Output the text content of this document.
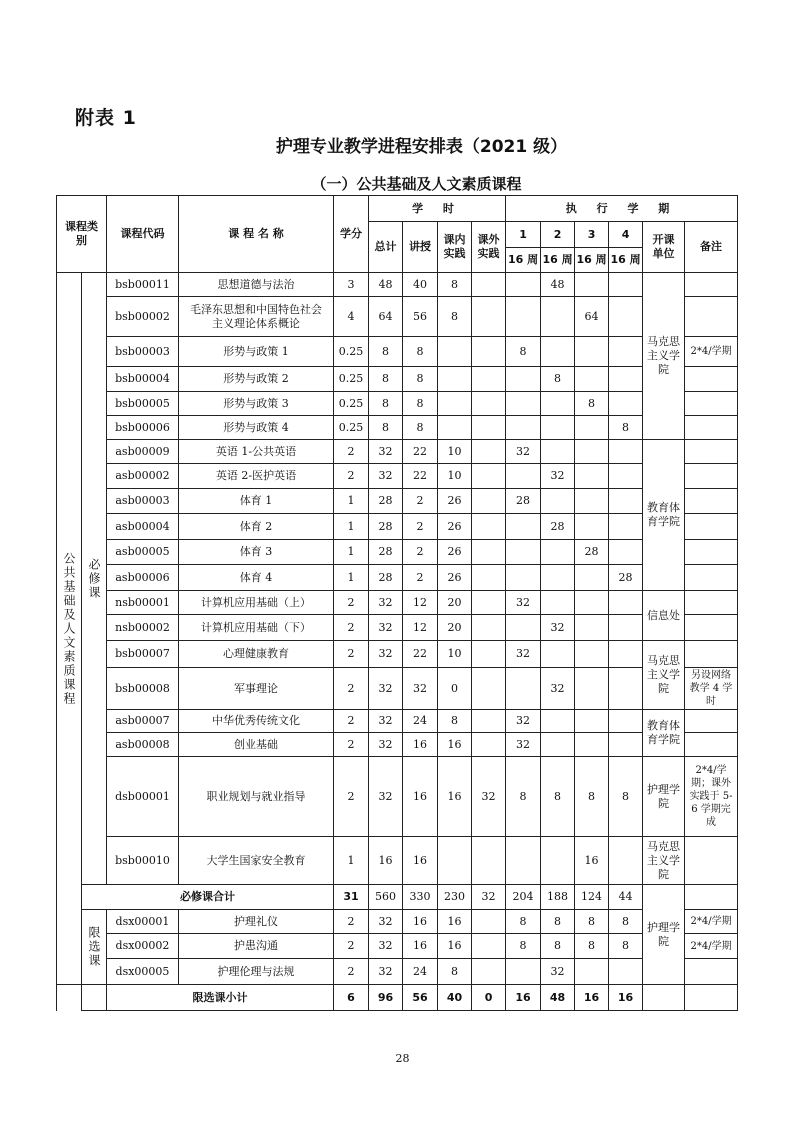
附表 1
护理专业教学进程安排表（2021 级）
（一）公共基础及人文素质课程
课程类别		课程代码	课 程 名 称	学分	学 时				执 行 学 期					
					总计	讲授	课内实践	课外实践	1	2	3	4	开课单位	备注
									16 周	16 周	16 周	16 周		

公共基础及人文素质课程	必修课	bsb00011	思想道德与法治	3	48	40	8			48			马克思主义学院	
		bsb00002	毛泽东思想和中国特色社会主义理论体系概论	4	64	56	8				64			
		bsb00003	形势与政策 1	0.25	8	8			8					2*4/学期
		bsb00004	形势与政策 2	0.25	8	8				8				
		bsb00005	形势与政策 3	0.25	8	8					8			
		bsb00006	形势与政策 4	0.25	8	8						8		
		asb00009	英语 1-公共英语	2	32	22	10		32				教育体育学院	
		asb00002	英语 2-医护英语	2	32	22	10			32				
		asb00003	体育 1	1	28	2	26		28					
		asb00004	体育 2	1	28	2	26			28				
		asb00005	体育 3	1	28	2	26				28			
		asb00006	体育 4	1	28	2	26					28		
		nsb00001	计算机应用基础（上）	2	32	12	20		32				信息处	
		nsb00002	计算机应用基础（下）	2	32	12	20			32				
		bsb00007	心理健康教育	2	32	22	10		32				马克思主义学院	
		bsb00008	军事理论	2	32	32	0			32				另设网络教学 4 学时
		asb00007	中华优秀传统文化	2	32	24	8		32				教育体育学院	
		asb00008	创业基础	2	32	16	16		32					
		dsb00001	职业规划与就业指导	2	32	16	16	32	8	8	8	8	护理学院	2*4/学期；课外实践于 5-6 学期完成
		bsb00010	大学生国家安全教育	1	16	16					16		马克思主义学院	
	必修课合计			31	560	330	230	32	204	188	124	44	护理学院	

	限选课	dsx00001	护理礼仪	2	32	16	16		8	8	8	8		2*4/学期
		dsx00002	护患沟通	2	32	16	16		8	8	8	8		2*4/学期
		dsx00005	护理伦理与法规	2	32	24	8			32				
		限选课小计		6	96	56	40	0	16	48	16	16		
28
